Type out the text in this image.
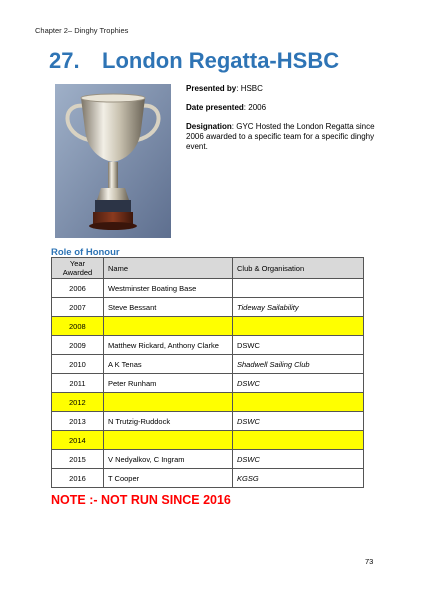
Chapter 2– Dinghy Trophies
27. London Regatta-HSBC

Presented by: HSBC

Date presented: 2006

Designation: GYC Hosted the London Regatta since 2006 awarded to a specific team for a specific dinghy event.

Role of Honour
Year Awarded	Name	Club & Organisation
2006	Westminster Boating Base	
2007	Steve Bessant	Tideway Sailability
2008		
2009	Matthew Rickard, Anthony Clarke	DSWC
2010	A K Tenas	Shadwell Sailing Club
2011	Peter Runham	DSWC
2012		
2013	N Trutzig-Ruddock	DSWC
2014		
2015	V Nedyalkov, C Ingram	DSWC
2016	T Cooper	KGSG
NOTE :- NOT RUN SINCE 2016
73
